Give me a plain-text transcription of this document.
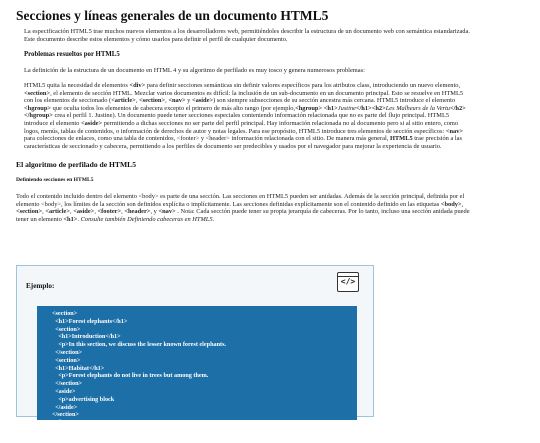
Secciones y líneas generales de un documento HTML5

La especificación HTML5 trae muchos nuevos elementos a los desarrolladores web, permitiéndoles describir la estructura de un documento web con semántica estandarizada.

Este documento describe estos elementos y cómo usarlos para definir el perfil de cualquier documento.

Problemas resueltos por HTML5

La definición de la estructura de un documento en HTML 4 y su algoritmo de perfilado es muy tosco y genera numerosos problemas:

HTML5 quita la necesidad de elementos <div> para definir secciones semánticas sin definir valores específicos para los atributos class, introduciendo un nuevo elemento,

<section>, el elemento de sección HTML. Mezclar varios documentos es difícil: la inclusión de un sub-documento en un documento principal. Esto se resuelve en HTML5

con los elementos de seccionado (<article>, <section>, <nav> y <aside>) son siempre subsecciones de su sección ancestra más cercana. HTML5 introduce el elemento

<hgroup> que oculta todos los elementos de cabecera excepto el primero de más alto rango (por ejemplo,<hgroup> <h1>Justine</h1><h2>Les Malheurs de la Vertu</h2>

</hgroup> crea el perfil 1. Justine). Un documento puede tener secciones especiales conteniendo información relacionada que no es parte del flujo principal. HTML5

introduce el elemento <aside> permitiendo a dichas secciones no ser parte del perfil principal. Hay información relacionada no al documento pero si al sitio entero, como

logos, menús, tablas de contenidos, o información de derechos de autor y notas legales. Para ese propósito, HTML5 introduce tres elementos de sección específicos: <nav>

para colecciones de enlaces, como una tabla de contenidos, <footer> y <header> información relacionada con el sitio. De manera más general, HTML5 trae precisión a las

características de seccionado y cabecera, permitiendo a los perfiles de documento ser predecibles y usados por el navegador para mejorar la experiencia de usuario.

El algoritmo de perfilado de HTML5
Definiendo secciones en HTML5

Todo el contenido incluido dentro del elemento <body> es parte de una sección. Las secciones en HTML5 pueden ser anidadas. Además de la sección principal, definida por el

elemento <body>, los límites de la sección son definidos explícita o implícitamente. Las secciones definidas explícitamente son el contenido definido en las etiquetas <body>,

<section>, <article>, <aside>, <footer>, <header>, y <nav> . Nota: Cada sección puede tener su propia jerarquía de cabeceras. Por lo tanto, incluso una sección anidada puede

tener un elemento <h1>. Consulte también Definiendo cabeceras en HTML5.

Ejemplo:	</>
<section>
<h1>Forest elephants</h1>
<section>
<h1>Introduction</h1>
<p>In this section, we discuss the lesser known forest elephants.
</section>
<section>
<h1>Habitat</h1>
<p>Forest elephants do not live in trees but among them.
</section>
<aside>
<p>advertising block
</aside>
</section>
<footer>
<p>(c) 2010 The Example company
</footer>
